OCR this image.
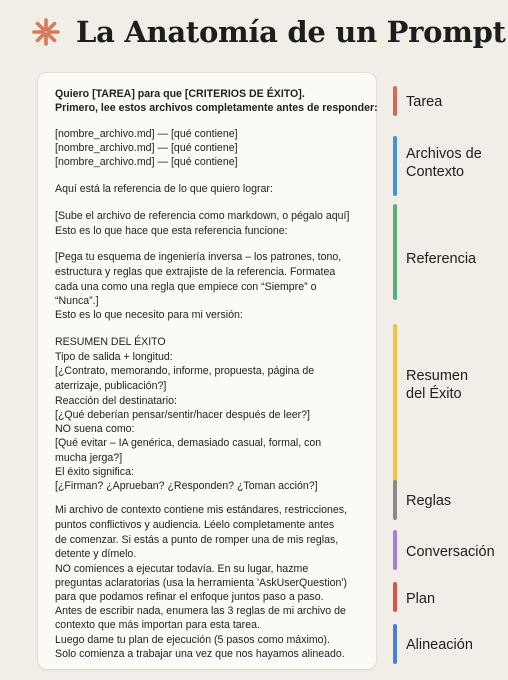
La Anatomía de un Prompt
Quiero [TAREA] para que [CRITERIOS DE ÉXITO].
Primero, lee estos archivos completamente antes de responder:
[nombre_archivo.md] — [qué contiene]
[nombre_archivo.md] — [qué contiene]
[nombre_archivo.md] — [qué contiene]
Aquí está la referencia de lo que quiero lograr:
[Sube el archivo de referencia como markdown, o pégalo aquí]
Esto es lo que hace que esta referencia funcione:
[Pega tu esquema de ingeniería inversa – los patrones, tono,
estructura y reglas que extrajiste de la referencia. Formatea
cada una como una regla que empiece con “Siempre” o
“Nunca”.]
Esto es lo que necesito para mi versión:
RESUMEN DEL ÉXITO
Tipo de salida + longitud:
[¿Contrato, memorando, informe, propuesta, página de
aterrizaje, publicación?]
Reacción del destinatario:
[¿Qué deberían pensar/sentir/hacer después de leer?]
NO suena como:
[Qué evitar – IA genérica, demasiado casual, formal, con
mucha jerga?]
El éxito significa:
[¿Firman? ¿Aprueban? ¿Responden? ¿Toman acción?]
Mi archivo de contexto contiene mis estándares, restricciones,
puntos conflictivos y audiencia. Léelo completamente antes
de comenzar. Si estás a punto de romper una de mis reglas,
detente y dímelo.
NO comiences a ejecutar todavía. En su lugar, hazme
preguntas aclaratorias (usa la herramienta 'AskUserQuestion')
para que podamos refinar el enfoque juntos paso a paso.
Antes de escribir nada, enumera las 3 reglas de mi archivo de
contexto que más importan para esta tarea.
Luego dame tu plan de ejecución (5 pasos como máximo).
Solo comienza a trabajar una vez que nos hayamos alineado.
Tarea
Archivos de
Contexto
Referencia
Resumen
del Éxito
Reglas
Conversación
Plan
Alineación
